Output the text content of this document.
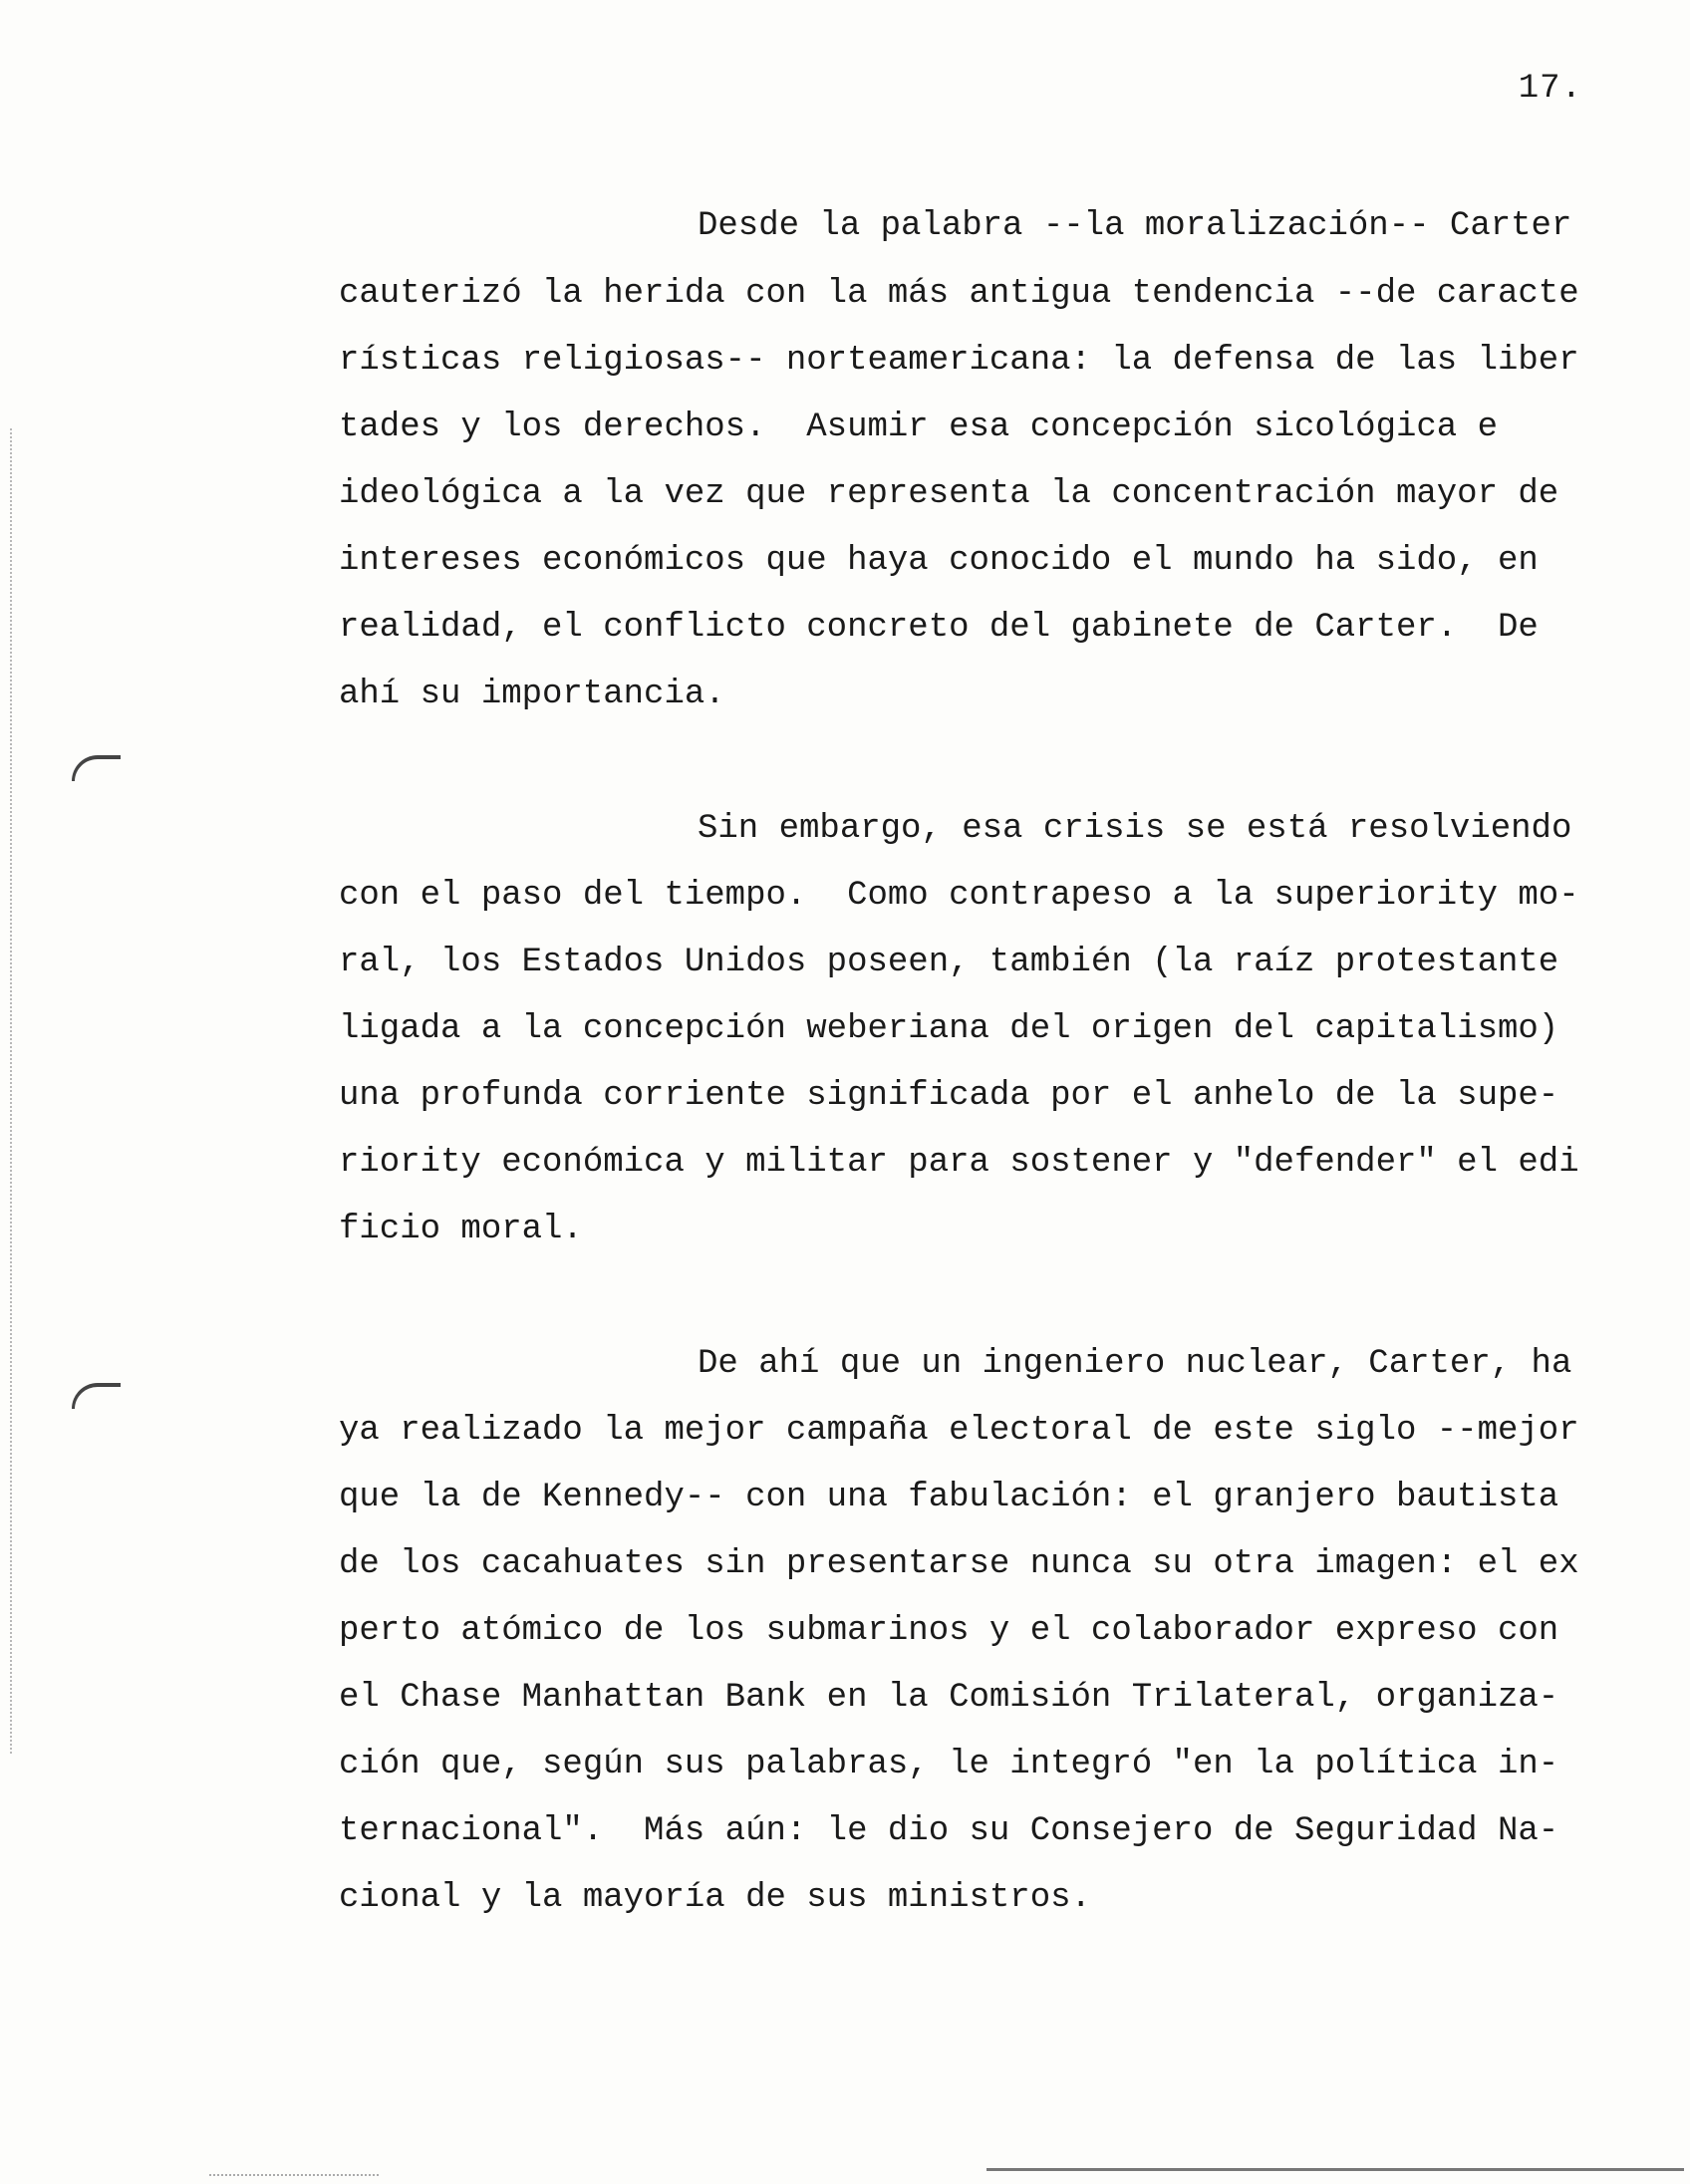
17.
Desde la palabra --la moralización-- Carter
cauterizó la herida con la más antigua tendencia --de caracte
rísticas religiosas-- norteamericana: la defensa de las liber
tades y los derechos.  Asumir esa concepción sicológica e
ideológica a la vez que representa la concentración mayor de
intereses económicos que haya conocido el mundo ha sido, en
realidad, el conflicto concreto del gabinete de Carter.  De
ahí su importancia.
Sin embargo, esa crisis se está resolviendo
con el paso del tiempo.  Como contrapeso a la superiority mo-
ral, los Estados Unidos poseen, también (la raíz protestante
ligada a la concepción weberiana del origen del capitalismo)
una profunda corriente significada por el anhelo de la supe-
riority económica y militar para sostener y "defender" el edi
ficio moral.
De ahí que un ingeniero nuclear, Carter, ha
ya realizado la mejor campaña electoral de este siglo --mejor
que la de Kennedy-- con una fabulación: el granjero bautista
de los cacahuates sin presentarse nunca su otra imagen: el ex
perto atómico de los submarinos y el colaborador expreso con
el Chase Manhattan Bank en la Comisión Trilateral, organiza-
ción que, según sus palabras, le integró "en la política in-
ternacional".  Más aún: le dio su Consejero de Seguridad Na-
cional y la mayoría de sus ministros.
